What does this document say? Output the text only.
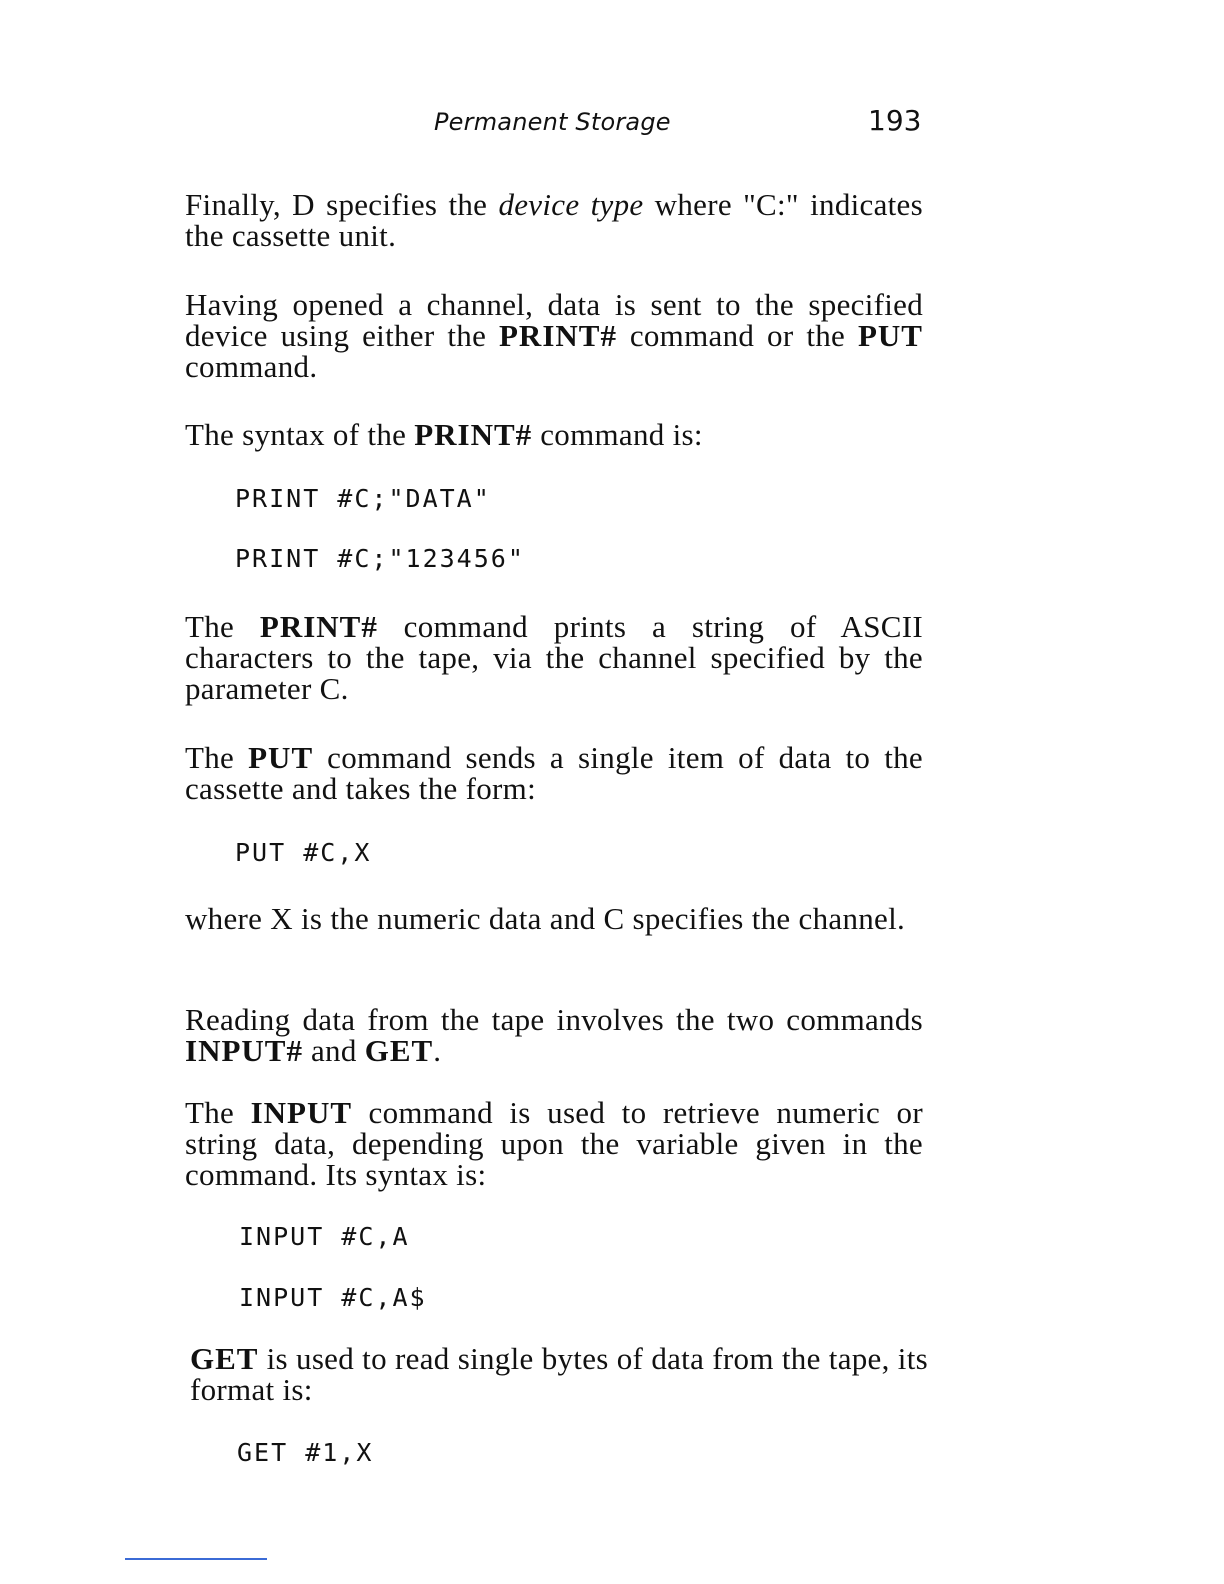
Permanent Storage	193
Finally, D specifies the device type where "C:" indicates the cassette unit.
Having opened a channel, data is sent to the specified device using either the PRINT# command or the PUT command.
The syntax of the PRINT# command is:
PRINT #C;"DATA"
PRINT #C;"123456"
The PRINT# command prints a string of ASCII characters to the tape, via the channel specified by the parameter C.
The PUT command sends a single item of data to the cassette and takes the form:
PUT #C,X
where X is the numeric data and C specifies the channel.
Reading data from the tape involves the two commands INPUT# and GET.
The INPUT command is used to retrieve numeric or string data, depending upon the variable given in the command. Its syntax is:
INPUT #C,A
INPUT #C,A$
GET is used to read single bytes of data from the tape, its format is:
GET #1,X
